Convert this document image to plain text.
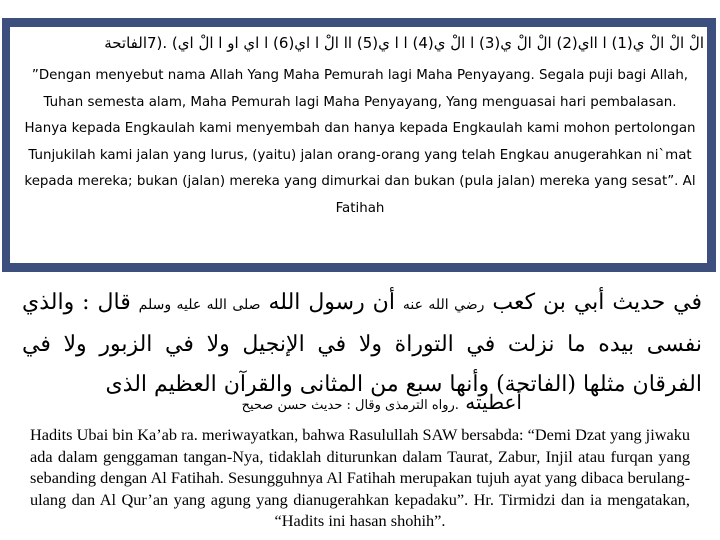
الْ الْ الْ ي(1) ا ااي(2) الْ الْ ي(3) ا الْ ي(4) ا ا ي(5) اا الْ ا اي(6) ا اي او ا الْ اي) .(7الفاتحة
”Dengan menyebut nama Allah Yang Maha Pemurah lagi Maha Penyayang. Segala puji bagi Allah, Tuhan semesta alam, Maha Pemurah lagi Maha Penyayang, Yang menguasai hari pembalasan. Hanya kepada Engkaulah kami menyembah dan hanya kepada Engkaulah kami mohon pertolongan Tunjukilah kami jalan yang lurus, (yaitu) jalan orang-orang yang telah Engkau anugerahkan ni`mat kepada mereka; bukan (jalan) mereka yang dimurkai dan bukan (pula jalan) mereka yang sesat”. Al Fatihah
في حديث أبي بن كعب رضي الله عنه أن رسول الله صلى الله عليه وسلم قال : والذي نفسى بيده ما نزلت في التوراة ولا في الإنجيل ولا في الزبور ولا في الفرقان مثلها (الفاتحة) وأنها سبع من المثانى والقرآن العظيم الذى
أعطيته .رواه الترمذى وقال : حديث حسن صحيح
Hadits Ubai bin Ka’ab ra. meriwayatkan, bahwa Rasulullah SAW bersabda: “Demi Dzat yang jiwaku ada dalam genggaman tangan-Nya, tidaklah diturunkan dalam Taurat, Zabur, Injil atau furqan yang sebanding dengan Al Fatihah. Sesungguhnya Al Fatihah merupakan tujuh ayat yang dibaca berulang-ulang dan Al Qur’an yang agung yang dianugerahkan kepadaku”. Hr. Tirmidzi dan ia mengatakan, “Hadits ini hasan shohih”.
